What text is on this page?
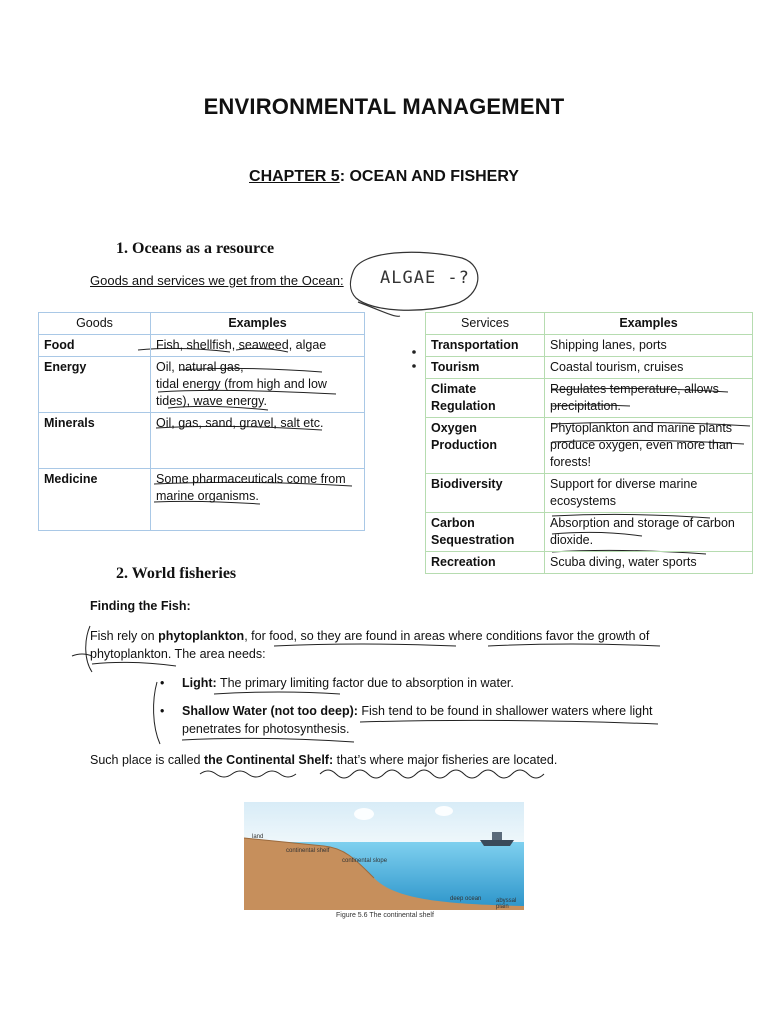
ENVIRONMENTAL MANAGEMENT
CHAPTER 5: OCEAN AND FISHERY
1. Oceans as a resource
Goods and services we get from the Ocean: ALGAE -?
Goods	Examples
Food	Fish, shellfish, seaweed, algae
Energy	Oil, natural gas,
tidal energy (from high and low tides), wave energy.
Minerals	Oil, gas, sand, gravel, salt etc.
Medicine	Some pharmaceuticals come from marine organisms.
Services	Examples
Transportation	Shipping lanes, ports
Tourism	Coastal tourism, cruises
Climate Regulation	Regulates temperature, allows precipitation.
Oxygen Production	Phytoplankton and marine plants produce oxygen, even more than forests!
Biodiversity	Support for diverse marine ecosystems
Carbon Sequestration	Absorption and storage of carbon dioxide.
Recreation	Scuba diving, water sports
2. World fisheries
Finding the Fish:
Fish rely on phytoplankton, for food, so they are found in areas where conditions favor the growth of phytoplankton. The area needs:
• Light: The primary limiting factor due to absorption in water.
• Shallow Water (not too deep): Fish tend to be found in shallower waters where light penetrates for photosynthesis.
Such place is called the Continental Shelf: that’s where major fisheries are located.
land
continental shelf
continental slope
deep ocean abyssal plain
Figure 5.6 The continental shelf
